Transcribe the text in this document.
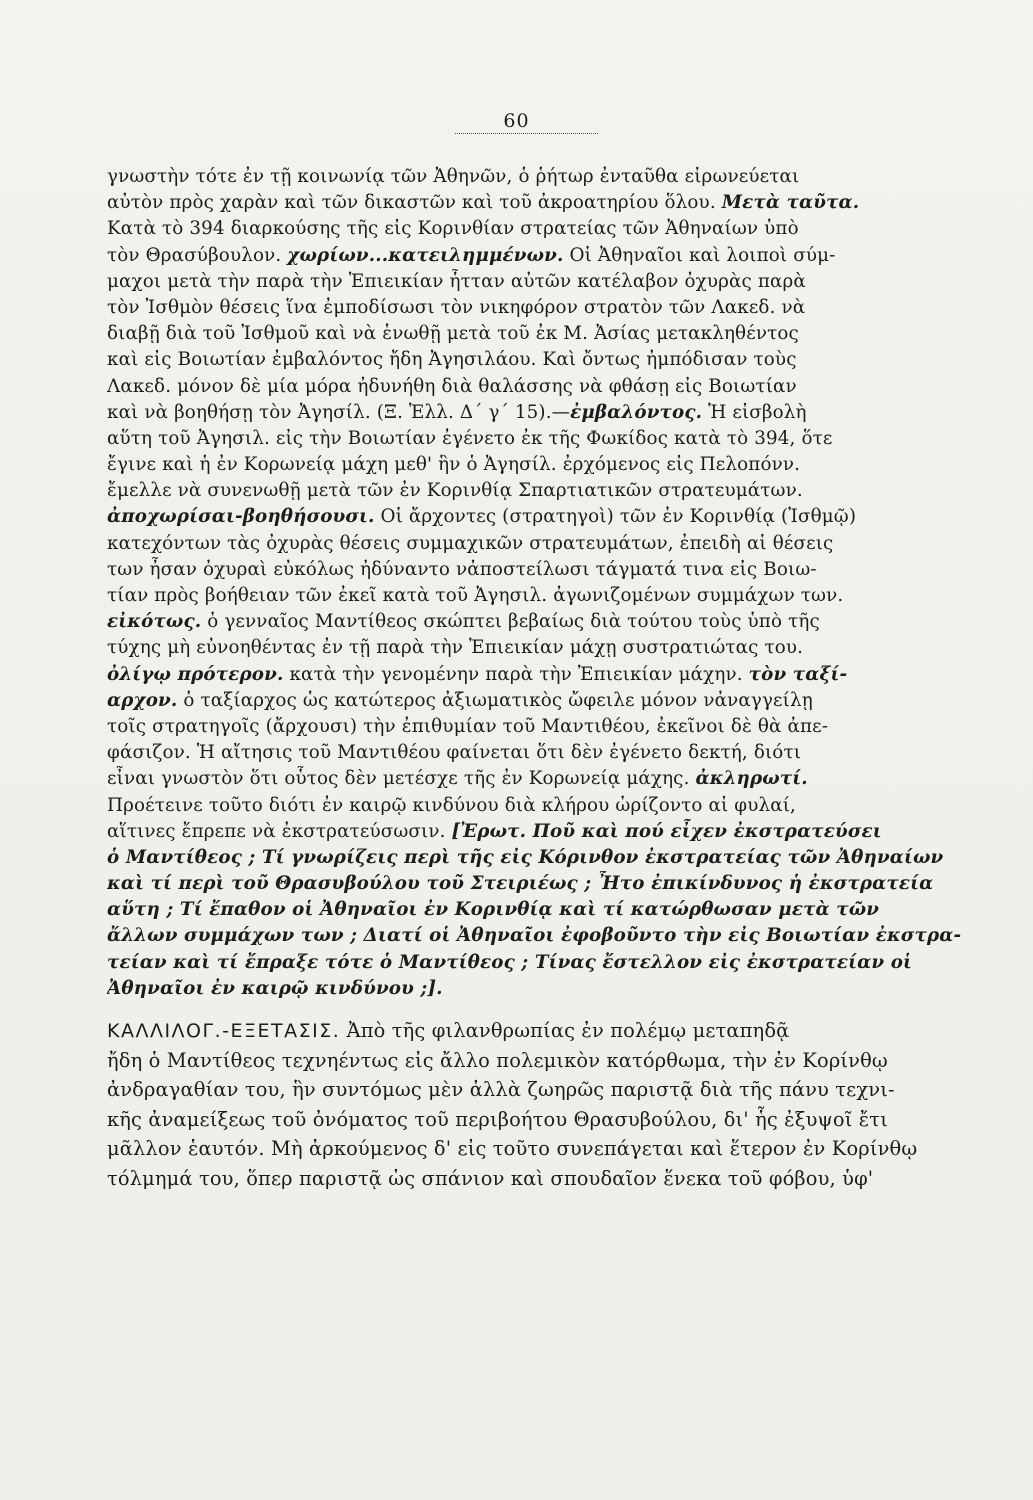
60
γνωστὴν τότε ἐν τῇ κοινωνίᾳ τῶν Ἀθηνῶν, ὁ ῥήτωρ ἐνταῦθα εἰρωνεύεται
αὐτὸν πρὸς χαρὰν καὶ τῶν δικαστῶν καὶ τοῦ ἀκροατηρίου ὅλου. Μετὰ ταῦτα.
Κατὰ τὸ 394 διαρκούσης τῆς εἰς Κορινθίαν στρατείας τῶν Ἀθηναίων ὑπὸ
τὸν Θρασύβουλον. χωρίων...κατειλημμένων. Οἱ Ἀθηναῖοι καὶ λοιποὶ σύμ-
μαχοι μετὰ τὴν παρὰ τὴν Ἐπιεικίαν ἧτταν αὐτῶν κατέλαβον ὀχυρὰς παρὰ
τὸν Ἰσθμὸν θέσεις ἵνα ἐμποδίσωσι τὸν νικηφόρον στρατὸν τῶν Λακεδ. νὰ
διαβῇ διὰ τοῦ Ἰσθμοῦ καὶ νὰ ἑνωθῇ μετὰ τοῦ ἐκ Μ. Ἀσίας μετακληθέντος
καὶ εἰς Βοιωτίαν ἐμβαλόντος ἤδη Ἀγησιλάου. Καὶ ὄντως ἠμπόδισαν τοὺς
Λακεδ. μόνον δὲ μία μόρα ἠδυνήθη διὰ θαλάσσης νὰ φθάσῃ εἰς Βοιωτίαν
καὶ νὰ βοηθήσῃ τὸν Ἀγησίλ. (Ξ. Ἑλλ. Δ΄ γ΄ 15).—ἐμβαλόντος. Ἡ εἰσβολὴ
αὕτη τοῦ Ἀγησιλ. εἰς τὴν Βοιωτίαν ἐγένετο ἐκ τῆς Φωκίδος κατὰ τὸ 394, ὅτε
ἔγινε καὶ ἡ ἐν Κορωνείᾳ μάχη μεθ' ἣν ὁ Ἀγησίλ. ἐρχόμενος εἰς Πελοπόνν.
ἔμελλε νὰ συνενωθῇ μετὰ τῶν ἐν Κορινθίᾳ Σπαρτιατικῶν στρατευμάτων.
ἀποχωρίσαι-βοηθήσουσι. Οἱ ἄρχοντες (στρατηγοὶ) τῶν ἐν Κορινθίᾳ (Ἰσθμῷ)
κατεχόντων τὰς ὀχυρὰς θέσεις συμμαχικῶν στρατευμάτων, ἐπειδὴ αἱ θέσεις
των ἦσαν ὀχυραὶ εὐκόλως ἠδύναντο νἀποστείλωσι τάγματά τινα εἰς Βοιω-
τίαν πρὸς βοήθειαν τῶν ἐκεῖ κατὰ τοῦ Ἀγησιλ. ἀγωνιζομένων συμμάχων των.
εἰκότως. ὁ γενναῖος Μαντίθεος σκώπτει βεβαίως διὰ τούτου τοὺς ὑπὸ τῆς
τύχης μὴ εὐνοηθέντας ἐν τῇ παρὰ τὴν Ἐπιεικίαν μάχῃ συστρατιώτας του.
ὀλίγῳ πρότερον. κατὰ τὴν γενομένην παρὰ τὴν Ἐπιεικίαν μάχην. τὸν ταξί-
αρχον. ὁ ταξίαρχος ὡς κατώτερος ἀξιωματικὸς ὤφειλε μόνον νἀναγγείλῃ
τοῖς στρατηγοῖς (ἄρχουσι) τὴν ἐπιθυμίαν τοῦ Μαντιθέου, ἐκεῖνοι δὲ θὰ ἀπε-
φάσιζον. Ἡ αἴτησις τοῦ Μαντιθέου φαίνεται ὅτι δὲν ἐγένετο δεκτή, διότι
εἶναι γνωστὸν ὅτι οὗτος δὲν μετέσχε τῆς ἐν Κορωνείᾳ μάχης. ἀκληρωτί.
Προέτεινε τοῦτο διότι ἐν καιρῷ κινδύνου διὰ κλήρου ὡρίζοντο αἱ φυλαί,
αἵτινες ἔπρεπε νὰ ἐκστρατεύσωσιν. [Ἐρωτ. Ποῦ καὶ πού εἶχεν ἐκστρατεύσει
ὁ Μαντίθεος ; Τί γνωρίζεις περὶ τῆς εἰς Κόρινθον ἐκστρατείας τῶν Ἀθηναίων
καὶ τί περὶ τοῦ Θρασυβούλου τοῦ Στειριέως ; Ἦτο ἐπικίνδυνος ἡ ἐκστρατεία
αὕτη ; Τί ἔπαθον οἱ Ἀθηναῖοι ἐν Κορινθίᾳ καὶ τί κατώρθωσαν μετὰ τῶν
ἄλλων συμμάχων των ; Διατί οἱ Ἀθηναῖοι ἐφοβοῦντο τὴν εἰς Βοιωτίαν ἐκστρα-
τείαν καὶ τί ἔπραξε τότε ὁ Μαντίθεος ; Τίνας ἔστελλον εἰς ἐκστρατείαν οἱ
Ἀθηναῖοι ἐν καιρῷ κινδύνου ;].
ΚΑΛΛΙΛΟΓ.-ΕΞΕΤΑΣΙΣ. Ἀπὸ τῆς φιλανθρωπίας ἐν πολέμῳ μεταπηδᾷ
ἤδη ὁ Μαντίθεος τεχνηέντως εἰς ἄλλο πολεμικὸν κατόρθωμα, τὴν ἐν Κορίνθῳ
ἀνδραγαθίαν του, ἣν συντόμως μὲν ἀλλὰ ζωηρῶς παριστᾷ διὰ τῆς πάνυ τεχνι-
κῆς ἀναμείξεως τοῦ ὀνόματος τοῦ περιβοήτου Θρασυβούλου, δι' ἧς ἐξυψοῖ ἔτι
μᾶλλον ἑαυτόν. Μὴ ἀρκούμενος δ' εἰς τοῦτο συνεπάγεται καὶ ἕτερον ἐν Κορίνθῳ
τόλμημά του, ὅπερ παριστᾷ ὡς σπάνιον καὶ σπουδαῖον ἕνεκα τοῦ φόβου, ὑφ'
